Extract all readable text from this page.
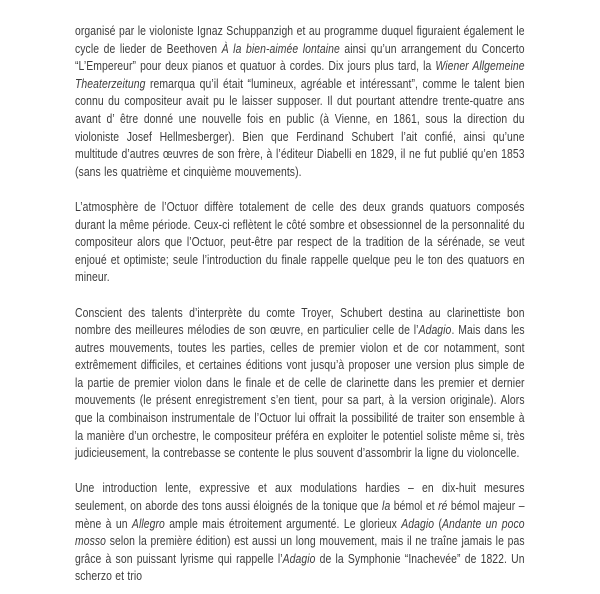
organisé par le violoniste Ignaz Schuppanzigh et au programme duquel figuraient également le cycle de lieder de Beethoven À la bien-aimée lontaine ainsi qu’un arrangement du Concerto “L’Empereur” pour deux pianos et quatuor à cordes. Dix jours plus tard, la Wiener Allgemeine Theaterzeitung remarqua qu’il était “lumineux, agréable et intéressant”, comme le talent bien connu du compositeur avait pu le laisser supposer. Il dut pourtant attendre trente-quatre ans avant d’ être donné une nouvelle fois en public (à Vienne, en 1861, sous la direction du violoniste Josef Hellmesberger). Bien que Ferdinand Schubert l’ait confié, ainsi qu’une multitude d’autres œuvres de son frère, à l’éditeur Diabelli en 1829, il ne fut publié qu’en 1853 (sans les quatrième et cinquième mouvements).

L’atmosphère de l’Octuor diffère totalement de celle des deux grands quatuors composés durant la même période. Ceux-ci reflètent le côté sombre et obsessionnel de la personnalité du compositeur alors que l’Octuor, peut-être par respect de la tradition de la sérénade, se veut enjoué et optimiste; seule l’introduction du finale rappelle quelque peu le ton des quatuors en mineur.

Conscient des talents d’interprète du comte Troyer, Schubert destina au clarinettiste bon nombre des meilleures mélodies de son œuvre, en particulier celle de l’Adagio. Mais dans les autres mouvements, toutes les parties, celles de premier violon et de cor notamment, sont extrêmement difficiles, et certaines éditions vont jusqu’à proposer une version plus simple de la partie de premier violon dans le finale et de celle de clarinette dans les premier et dernier mouvements (le présent enregistrement s’en tient, pour sa part, à la version originale). Alors que la combinaison instrumentale de l’Octuor lui offrait la possibilité de traiter son ensemble à la manière d’un orchestre, le compositeur préféra en exploiter le potentiel soliste même si, très judicieusement, la contrebasse se contente le plus souvent d’assombrir la ligne du violoncelle.

Une introduction lente, expressive et aux modulations hardies – en dix-huit mesures seulement, on aborde des tons aussi éloignés de la tonique que la bémol et ré bémol majeur – mène à un Allegro ample mais étroitement argumenté. Le glorieux Adagio (Andante un poco mosso selon la première édition) est aussi un long mouvement, mais il ne traîne jamais le pas grâce à son puissant lyrisme qui rappelle l’Adagio de la Symphonie “Inachevée” de 1822. Un scherzo et trio
